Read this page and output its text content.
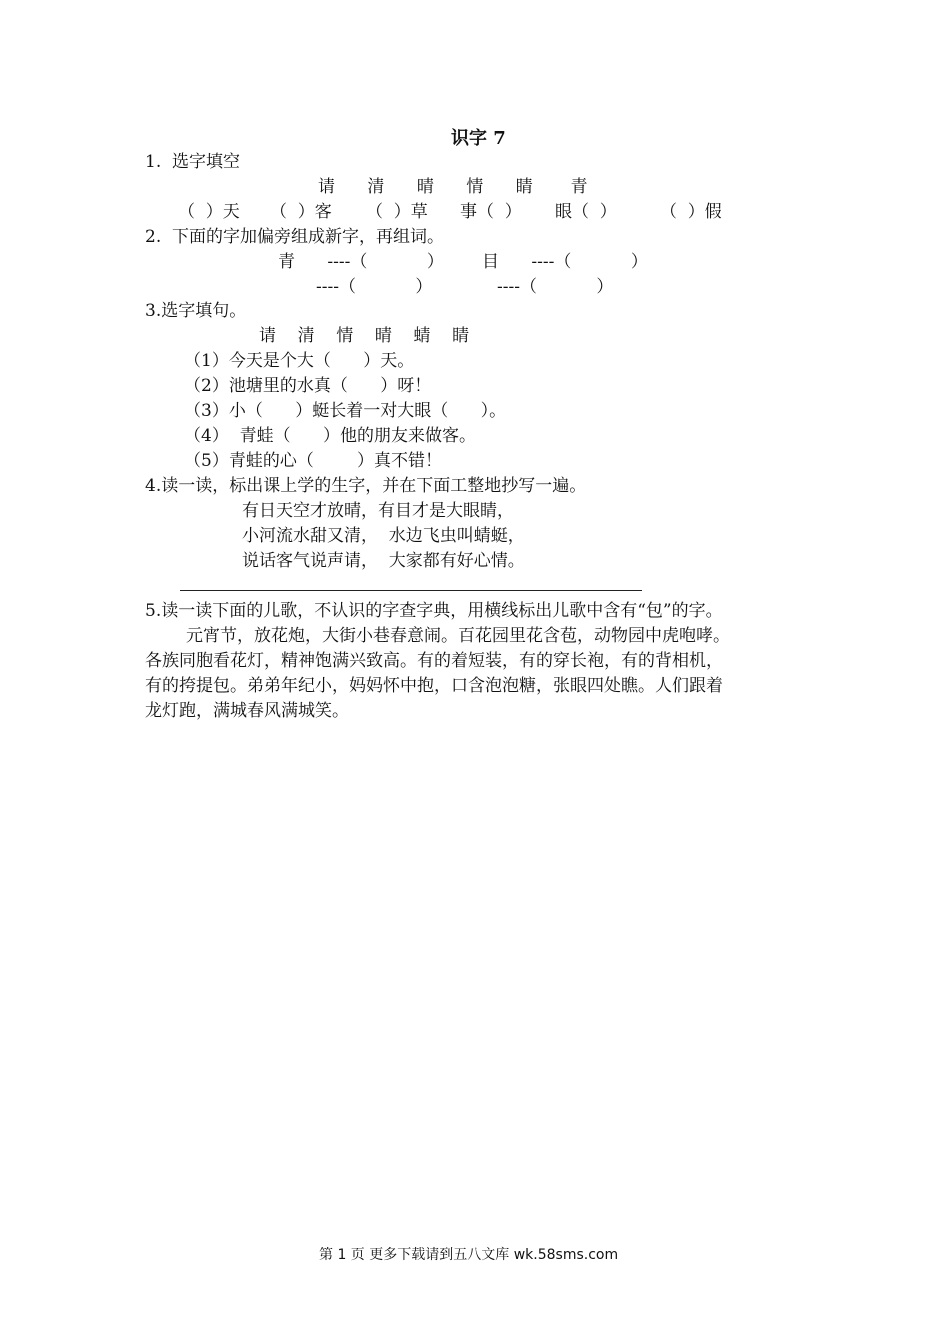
识字 7
1.  选字填空
请      清      晴      情      睛       青
（  ）天 （  ）客 （  ）草 事（  ） 眼（  ）	（  ）假
2.  下面的字加偏旁组成新字，再组词。
青      ----（           ） 目      ----（           ）
----（           ）	----（           ）
3.选字填句。
请    清    情    晴    蜻    睛
（1）今天是个大（      ）天。
（2）池塘里的水真（      ）呀！
（3）小（      ）蜓长着一对大眼（      ）。
（4）  青蛙（      ）他的朋友来做客。
（5）青蛙的心（        ）真不错！
4.读一读，标出课上学的生字，并在下面工整地抄写一遍。
有日天空才放晴，有目才是大眼睛，
小河流水甜又清，  水边飞虫叫蜻蜓，
说话客气说声请，  大家都有好心情。
5.读一读下面的儿歌，不认识的字查字典，用横线标出儿歌中含有“包”的字。
元宵节，放花炮，大街小巷春意闹。百花园里花含苞，动物园中虎咆哮。
各族同胞看花灯，精神饱满兴致高。有的着短装，有的穿长袍，有的背相机，
有的挎提包。弟弟年纪小，妈妈怀中抱，口含泡泡糖，张眼四处瞧。人们跟着
龙灯跑，满城春风满城笑。
第 1 页 更多下载请到五八文库 wk.58sms.com
